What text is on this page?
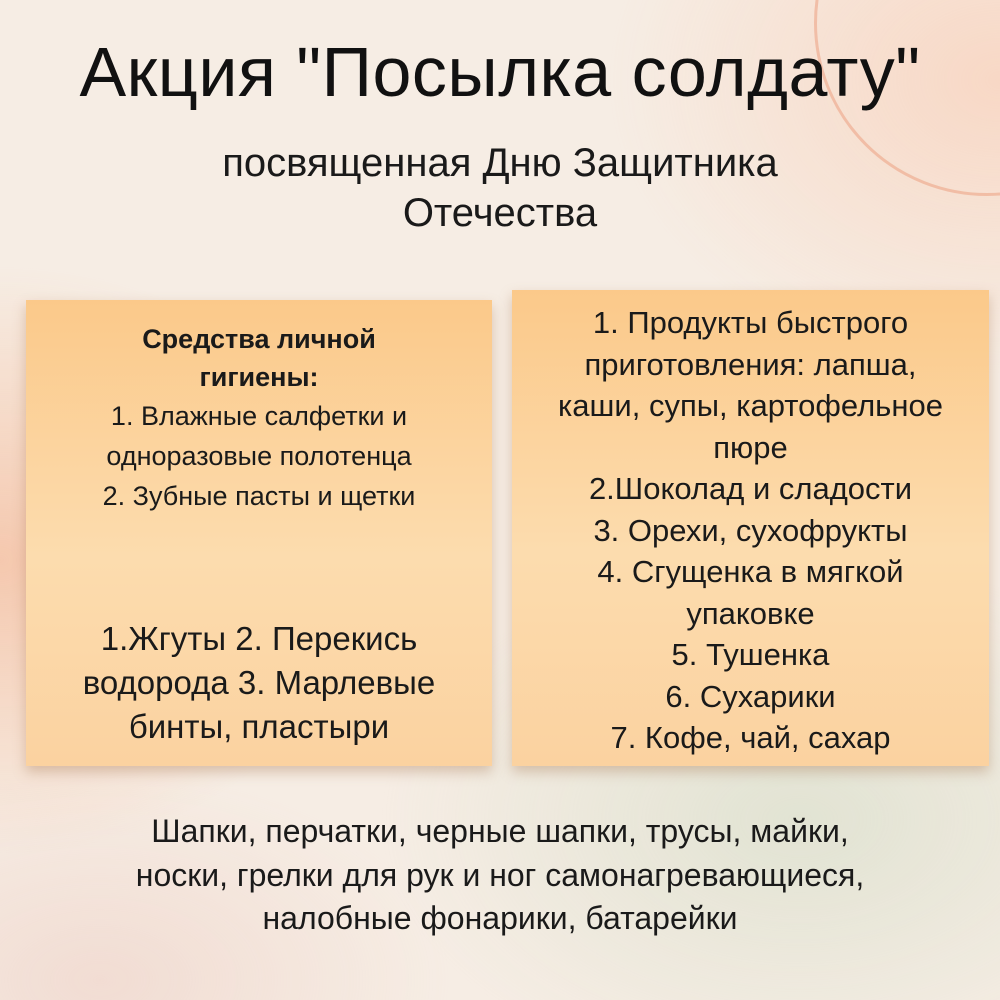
Акция "Посылка солдату"
посвященная Дню Защитника
Отечества
Средства личной гигиены:
1. Влажные салфетки и одноразовые полотенца
2. Зубные пасты и щетки
1.Жгуты 2. Перекись водорода 3. Марлевые бинты, пластыри
1. Продукты быстрого приготовления: лапша, каши, супы, картофельное пюре
2.Шоколад и сладости
3. Орехи, сухофрукты
4. Сгущенка в мягкой упаковке
5. Тушенка
6. Сухарики
7. Кофе, чай, сахар
Шапки, перчатки, черные шапки, трусы, майки, носки, грелки для рук и ног самонагревающиеся, налобные фонарики, батарейки
